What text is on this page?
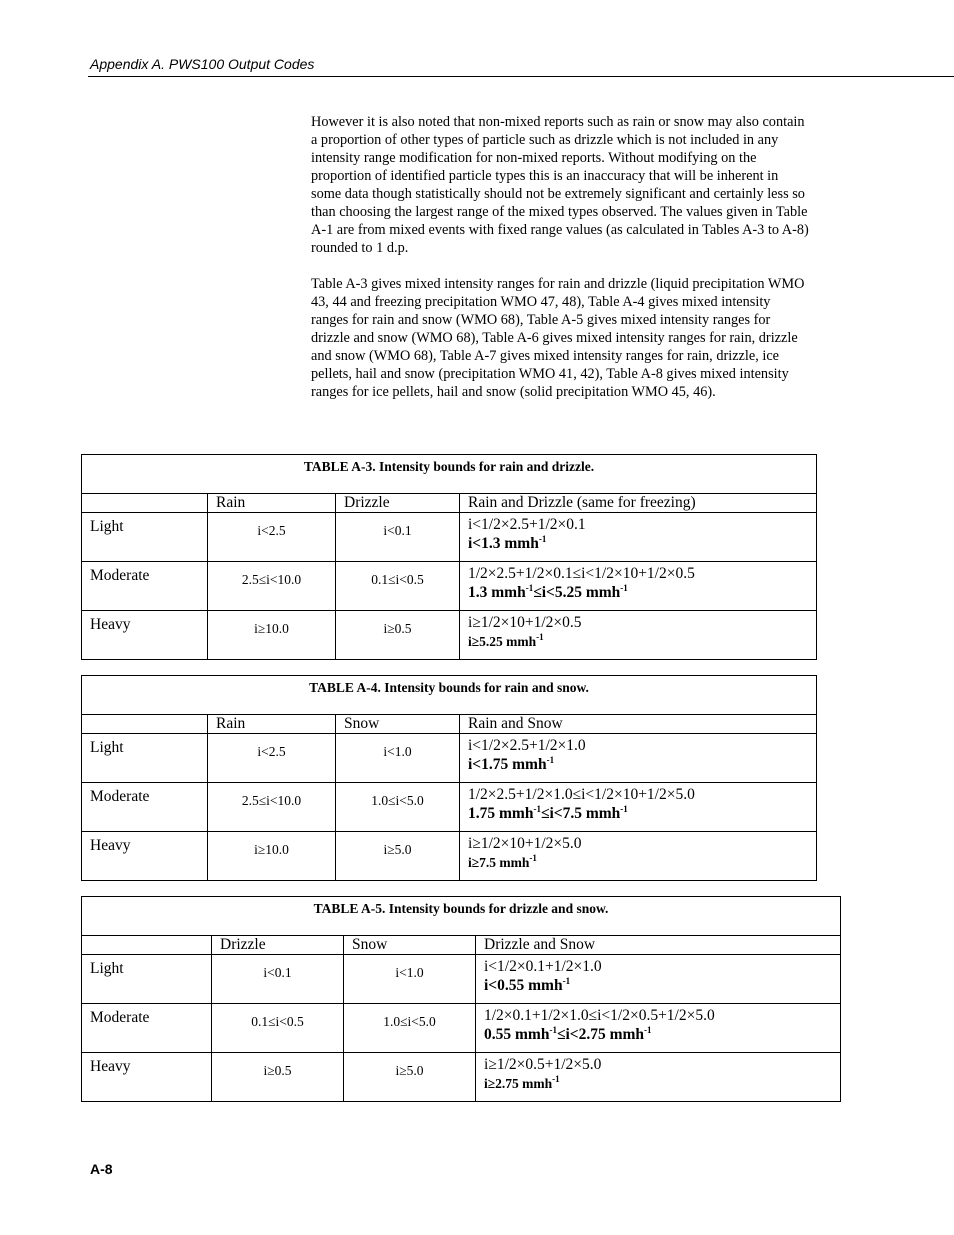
Appendix A. PWS100 Output Codes

However it is also noted that non-mixed reports such as rain or snow may also contain a proportion of other types of particle such as drizzle which is not included in any intensity range modification for non-mixed reports. Without modifying on the proportion of identified particle types this is an inaccuracy that will be inherent in some data though statistically should not be extremely significant and certainly less so than choosing the largest range of the mixed types observed. The values given in Table A-1 are from mixed events with fixed range values (as calculated in Tables A-3 to A-8) rounded to 1 d.p.

Table A-3 gives mixed intensity ranges for rain and drizzle (liquid precipitation WMO 43, 44 and freezing precipitation WMO 47, 48), Table A-4 gives mixed intensity ranges for rain and snow (WMO 68), Table A-5 gives mixed intensity ranges for drizzle and snow (WMO 68), Table A-6 gives mixed intensity ranges for rain, drizzle and snow (WMO 68), Table A-7 gives mixed intensity ranges for rain, drizzle, ice pellets, hail and snow (precipitation WMO 41, 42), Table A-8 gives mixed intensity ranges for ice pellets, hail and snow (solid precipitation WMO 45, 46).

TABLE A-3. Intensity bounds for rain and drizzle.			
	Rain	Drizzle	Rain and Drizzle (same for freezing)
Light	i<2.5	i<0.1	i<1/2×2.5+1/2×0.1
i<1.3 mmh$^{-1}$

Moderate	2.5≤i<10.0	0.1≤i<0.5	1/2×2.5+1/2×0.1≤i<1/2×10+1/2×0.5
1.3 mmh$^{-1}$≤i<5.25 mmh$^{-1}$

Heavy	i≥10.0	i≥0.5	i≥1/2×10+1/2×0.5
i≥5.25 mmh$^{-1}$
TABLE A-4. Intensity bounds for rain and snow.			
	Rain	Snow	Rain and Snow
Light	i<2.5	i<1.0	i<1/2×2.5+1/2×1.0
i<1.75 mmh$^{-1}$

Moderate	2.5≤i<10.0	1.0≤i<5.0	1/2×2.5+1/2×1.0≤i<1/2×10+1/2×5.0
1.75 mmh$^{-1}$≤i<7.5 mmh$^{-1}$

Heavy	i≥10.0	i≥5.0	i≥1/2×10+1/2×5.0
i≥7.5 mmh$^{-1}$
TABLE A-5. Intensity bounds for drizzle and snow.			
	Drizzle	Snow	Drizzle and Snow
Light	i<0.1	i<1.0	i<1/2×0.1+1/2×1.0
i<0.55 mmh$^{-1}$

Moderate	0.1≤i<0.5	1.0≤i<5.0	1/2×0.1+1/2×1.0≤i<1/2×0.5+1/2×5.0
0.55 mmh$^{-1}$≤i<2.75 mmh$^{-1}$

Heavy	i≥0.5	i≥5.0	i≥1/2×0.5+1/2×5.0
i≥2.75 mmh$^{-1}$
A-8
